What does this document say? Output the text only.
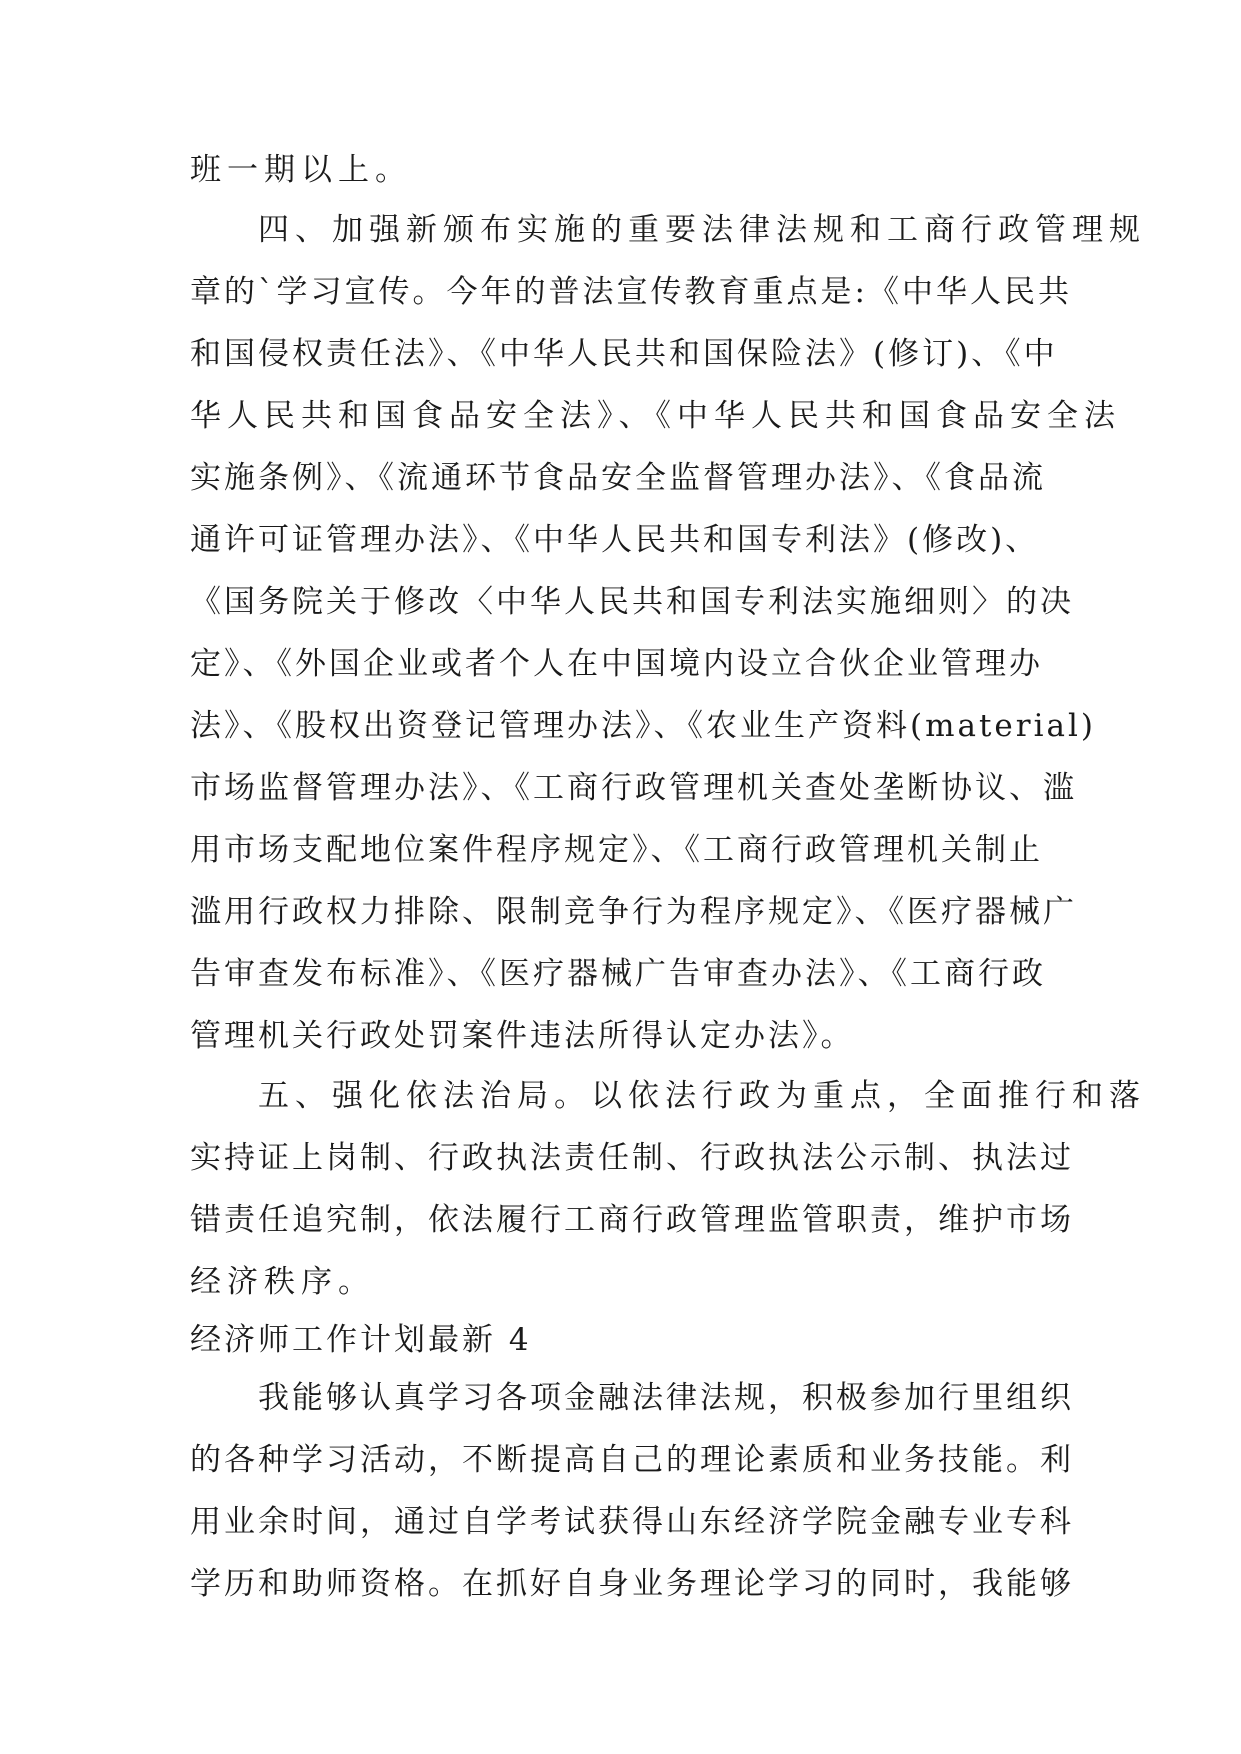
班一期以上。
四、加强新颁布实施的重要法律法规和工商行政管理规
章的`学习宣传。今年的普法宣传教育重点是:《中华人民共
和国侵权责任法》、《中华人民共和国保险法》(修订)、《中
华人民共和国食品安全法》、《中华人民共和国食品安全法
实施条例》、《流通环节食品安全监督管理办法》、《食品流
通许可证管理办法》、《中华人民共和国专利法》(修改)、
《国务院关于修改〈中华人民共和国专利法实施细则〉的决
定》、《外国企业或者个人在中国境内设立合伙企业管理办
法》、《股权出资登记管理办法》、《农业生产资料(material)
市场监督管理办法》、《工商行政管理机关查处垄断协议、滥
用市场支配地位案件程序规定》、《工商行政管理机关制止
滥用行政权力排除、限制竞争行为程序规定》、《医疗器械广
告审查发布标准》、《医疗器械广告审查办法》、《工商行政
管理机关行政处罚案件违法所得认定办法》。
五、强化依法治局。以依法行政为重点，全面推行和落
实持证上岗制、行政执法责任制、行政执法公示制、执法过
错责任追究制，依法履行工商行政管理监管职责，维护市场
经济秩序。
经济师工作计划最新 4
我能够认真学习各项金融法律法规，积极参加行里组织
的各种学习活动，不断提高自己的理论素质和业务技能。利
用业余时间，通过自学考试获得山东经济学院金融专业专科
学历和助师资格。在抓好自身业务理论学习的同时，我能够
